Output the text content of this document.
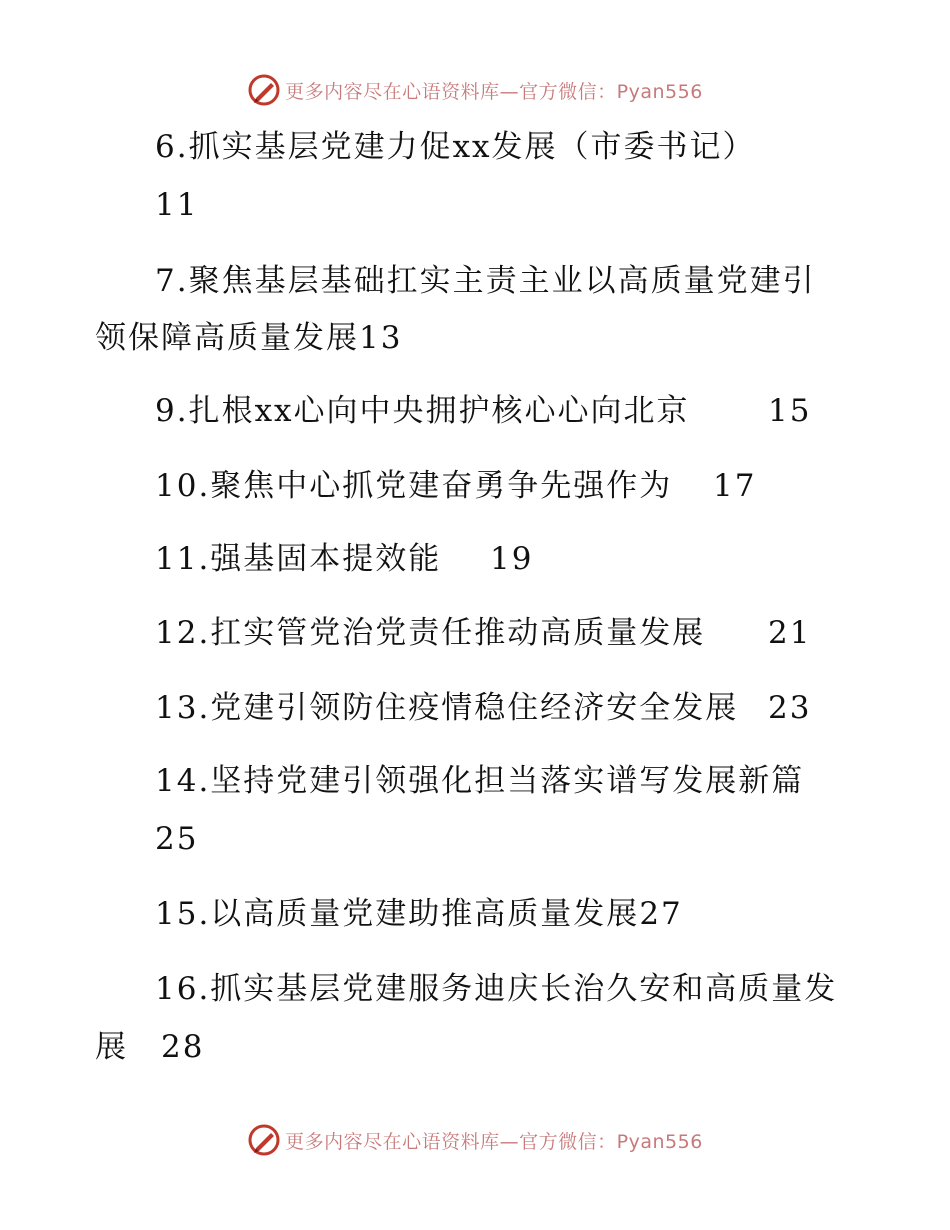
更多内容尽在心语资料库—官方微信：Pyan556
6.抓实基层党建力促xx发展（市委书记）
11
7.聚焦基层基础扛实主责主业以高质量党建引
领保障高质量发展13
9.扎根xx心向中央拥护核心心向北京	15
10.聚焦中心抓党建奋勇争先强作为 17
11.强基固本提效能 19
12.扛实管党治党责任推动高质量发展 21
13.党建引领防住疫情稳住经济安全发展 23
14.坚持党建引领强化担当落实谱写发展新篇
25
15.以高质量党建助推高质量发展27
16.抓实基层党建服务迪庆长治久安和高质量发
展　 28
更多内容尽在心语资料库—官方微信：Pyan556
